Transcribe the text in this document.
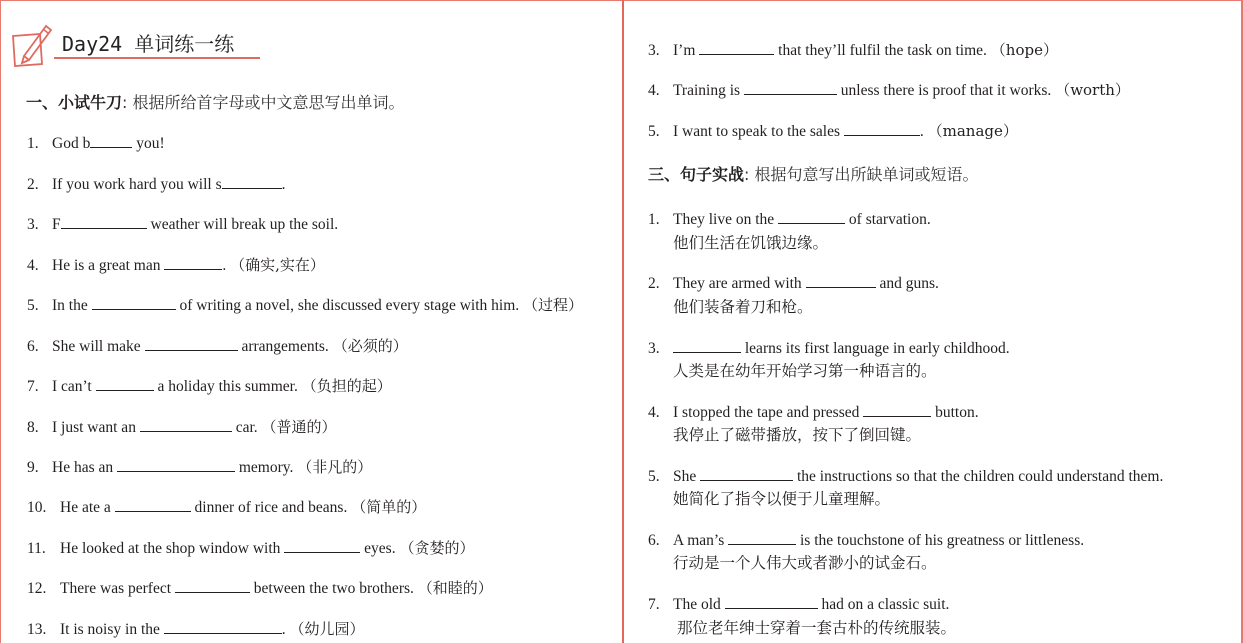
Day24 单词练一练
一、小试牛刀: 根据所给首字母或中文意思写出单词。
1. God b	you!
2. If you work hard you will s	.
3. F	weather will break up the soil.
4. He is a great man	. （确实,实在）
5. In the	of writing a novel, she discussed every stage with him. （过程）
6. She will make	arrangements. （必须的）
7. I can’t	a holiday this summer. （负担的起）
8. I just want an	car. （普通的）
9. He has an	memory. （非凡的）
10. He ate a	dinner of rice and beans. （简单的）
11. He looked at the shop window with	eyes. （贪婪的）
12. There was perfect	between the two brothers. （和睦的）
13. It is noisy in the	. （幼儿园）
3. I’m	that they’ll fulfil the task on time. （hope）
4. Training is	unless there is proof that it works. （worth）
5. I want to speak to the sales	. （manage）
三、句子实战: 根据句意写出所缺单词或短语。
1. They live on the	of starvation.
他们生活在饥饿边缘。
2. They are armed with	and guns.
他们装备着刀和枪。
3.	learns its first language in early childhood.
人类是在幼年开始学习第一种语言的。
4. I stopped the tape and pressed	button.
我停止了磁带播放，按下了倒回键。
5. She	the instructions so that the children could understand them.
她简化了指令以便于儿童理解。
6. A man’s	is the touchstone of his greatness or littleness.
行动是一个人伟大或者渺小的试金石。
7. The old	had on a classic suit.
那位老年绅士穿着一套古朴的传统服装。
